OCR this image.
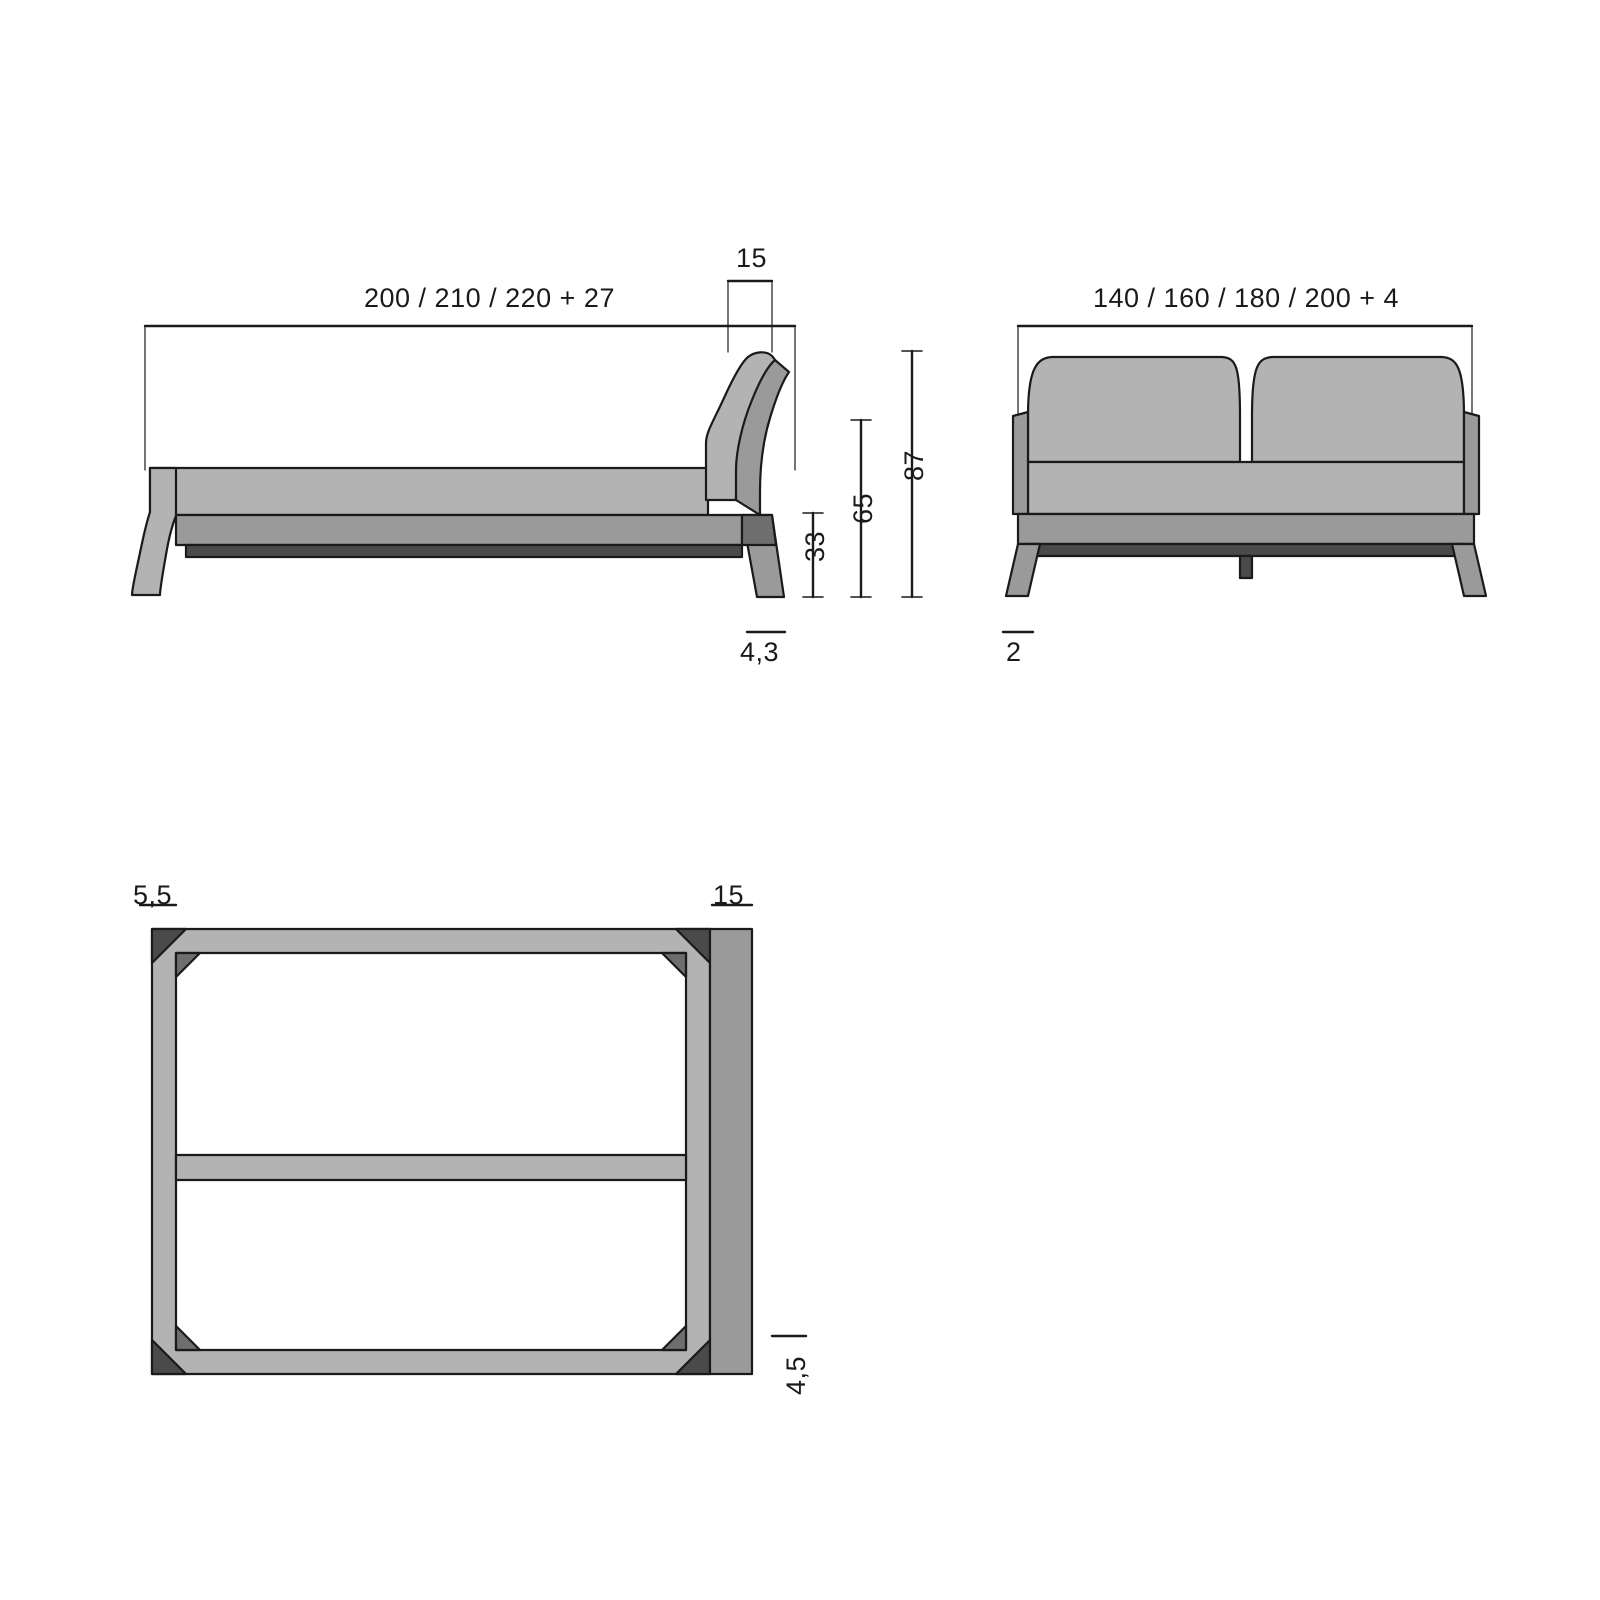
200 / 210 / 220 + 27
15
33
65
87
4,3
140 / 160 / 180 / 200 + 4
2
5,5	15
4,5
